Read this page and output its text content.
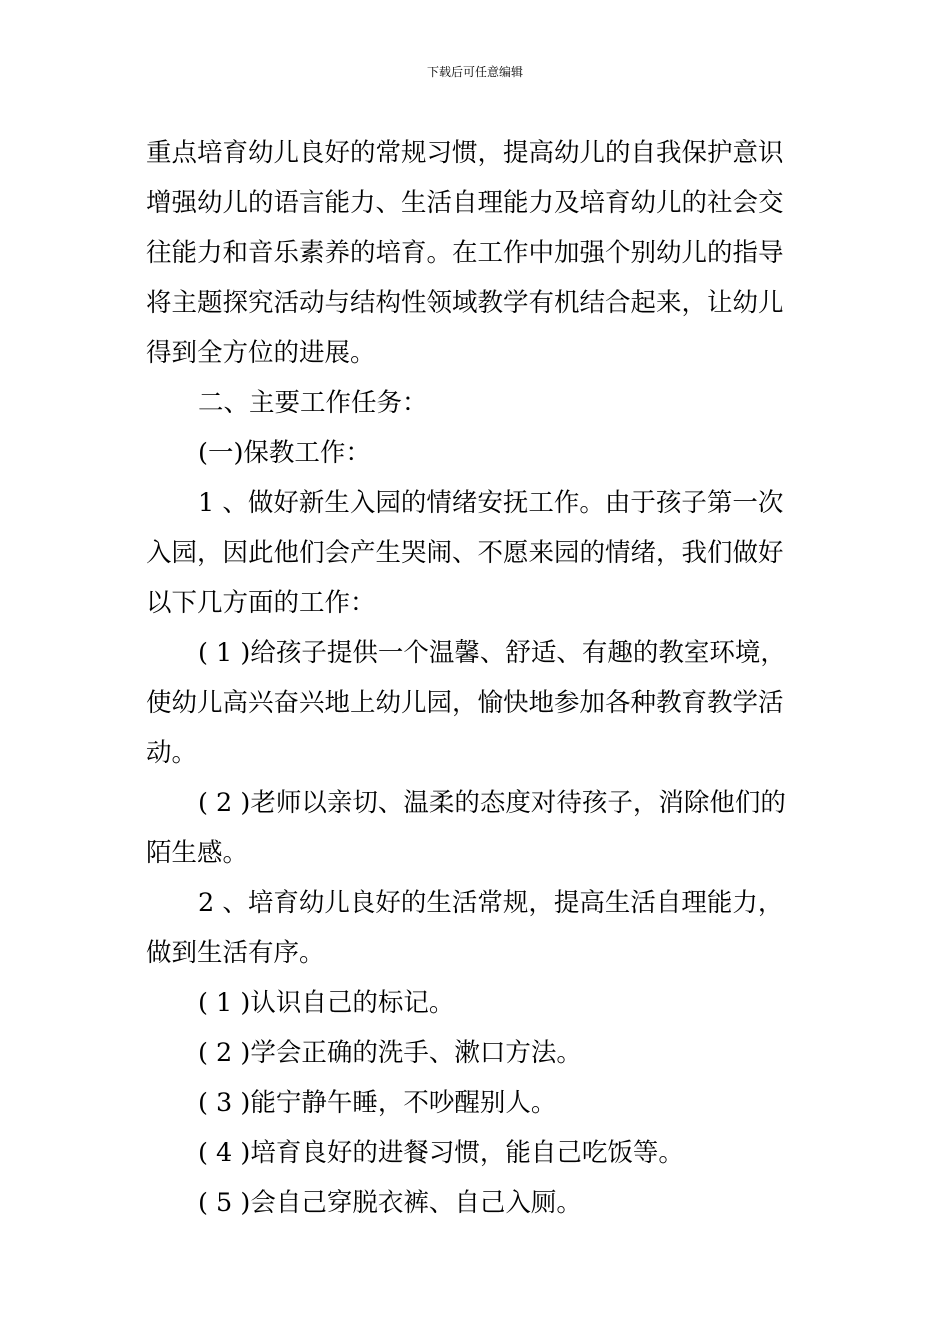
下载后可任意编辑
重点培育幼儿良好的常规习惯，提高幼儿的自我保护意识
增强幼儿的语言能力、生活自理能力及培育幼儿的社会交
往能力和音乐素养的培育。在工作中加强个别幼儿的指导
将主题探究活动与结构性领域教学有机结合起来，让幼儿
得到全方位的进展。
二、主要工作任务：
(一)保教工作：
1 、做好新生入园的情绪安抚工作。由于孩子第一次
入园，因此他们会产生哭闹、不愿来园的情绪，我们做好
以下几方面的工作：
( 1 )给孩子提供一个温馨、舒适、有趣的教室环境，
使幼儿高兴奋兴地上幼儿园，愉快地参加各种教育教学活
动。
( 2 )老师以亲切、温柔的态度对待孩子，消除他们的
陌生感。
2 、培育幼儿良好的生活常规，提高生活自理能力，
做到生活有序。
( 1 )认识自己的标记。
( 2 )学会正确的洗手、漱口方法。
( 3 )能宁静午睡，不吵醒别人。
( 4 )培育良好的进餐习惯，能自己吃饭等。
( 5 )会自己穿脱衣裤、自己入厕。
